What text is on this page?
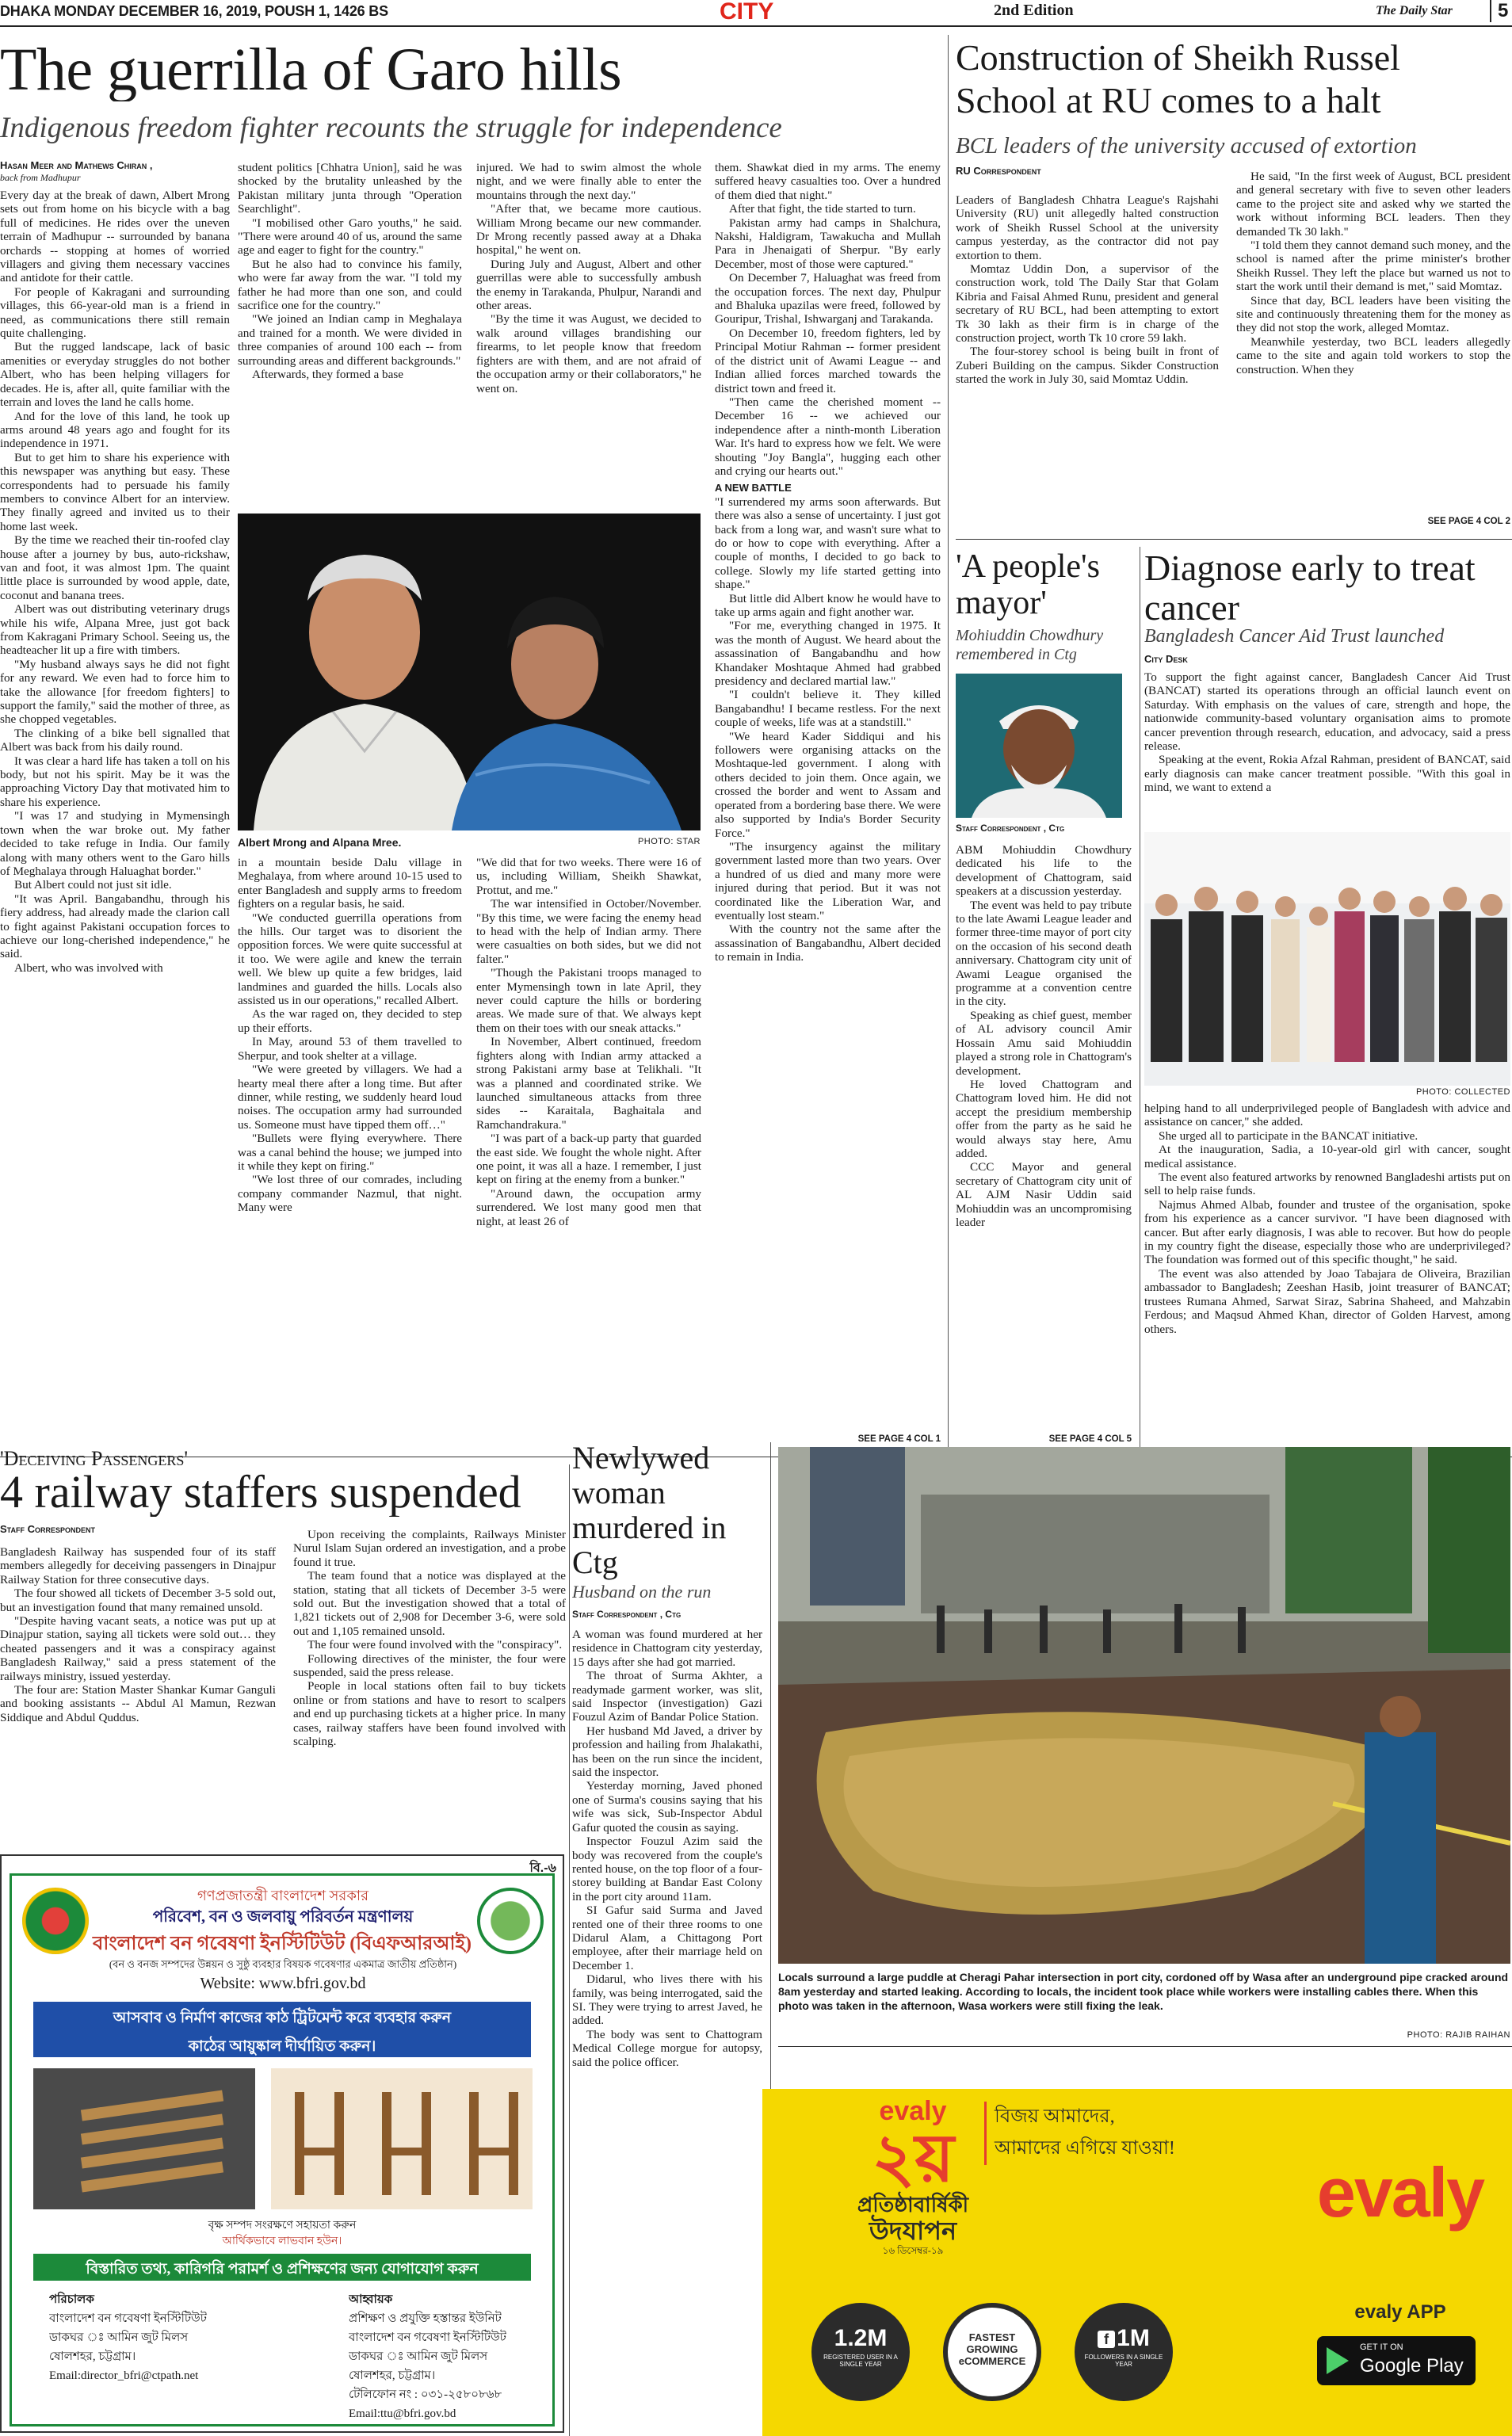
DHAKA MONDAY DECEMBER 16, 2019, POUSH 1, 1426 BS	CITY	2nd Edition	The Daily Star	5
The guerrilla of Garo hills
Indigenous freedom fighter recounts the struggle for independence
Hasan Meer and Mathews Chiran ,
back from Madhupur

Every day at the break of dawn, Albert Mrong sets out from home on his bicycle with a bag full of medicines. He rides over the uneven terrain of Madhupur -- surrounded by banana orchards -- stopping at homes of worried villagers and giving them necessary vaccines and antidote for their cattle.

For people of Kakragani and surrounding villages, this 66-year-old man is a friend in need, as communications there still remain quite challenging.

But the rugged landscape, lack of basic amenities or everyday struggles do not bother Albert, who has been helping villagers for decades. He is, after all, quite familiar with the terrain and loves the land he calls home.

And for the love of this land, he took up arms around 48 years ago and fought for its independence in 1971.

But to get him to share his experience with this newspaper was anything but easy. These correspondents had to persuade his family members to convince Albert for an interview. They finally agreed and invited us to their home last week.

By the time we reached their tin-roofed clay house after a journey by bus, auto-rickshaw, van and foot, it was almost 1pm. The quaint little place is surrounded by wood apple, date, coconut and banana trees.

Albert was out distributing veterinary drugs while his wife, Alpana Mree, just got back from Kakragani Primary School. Seeing us, the headteacher lit up a fire with timbers.

"My husband always says he did not fight for any reward. We even had to force him to take the allowance [for freedom fighters] to support the family," said the mother of three, as she chopped vegetables.

The clinking of a bike bell signalled that Albert was back from his daily round.

It was clear a hard life has taken a toll on his body, but not his spirit. May be it was the approaching Victory Day that motivated him to share his experience.

"I was 17 and studying in Mymensingh town when the war broke out. My father decided to take refuge in India. Our family along with many others went to the Garo hills of Meghalaya through Haluaghat border."

But Albert could not just sit idle.

"It was April. Bangabandhu, through his fiery address, had already made the clarion call to fight against Pakistani occupation forces to achieve our long-cherished independence," he said.

Albert, who was involved with

student politics [Chhatra Union], said he was shocked by the brutality unleashed by the Pakistan military junta through "Operation Searchlight".

"I mobilised other Garo youths," he said. "There were around 40 of us, around the same age and eager to fight for the country."

But he also had to convince his family, who were far away from the war. "I told my father he had more than one son, and could sacrifice one for the country."

"We joined an Indian camp in Meghalaya and trained for a month. We were divided in three companies of around 100 each -- from surrounding areas and different backgrounds."

Afterwards, they formed a base

injured. We had to swim almost the whole night, and we were finally able to enter the mountains through the next day."

"After that, we became more cautious. William Mrong became our new commander. Dr Mrong recently passed away at a Dhaka hospital," he went on.

During July and August, Albert and other guerrillas were able to successfully ambush the enemy in Tarakanda, Phulpur, Narandi and other areas.

"By the time it was August, we decided to walk around villages brandishing our firearms, to let people know that freedom fighters are with them, and are not afraid of the occupation army or their collaborators," he went on.

them. Shawkat died in my arms. The enemy suffered heavy casualties too. Over a hundred of them died that night."

After that fight, the tide started to turn.

Pakistan army had camps in Shalchura, Nakshi, Haldigram, Tawakucha and Mullah Para in Jhenaigati of Sherpur. "By early December, most of those were captured."

On December 7, Haluaghat was freed from the occupation forces. The next day, Phulpur and Bhaluka upazilas were freed, followed by Gouripur, Trishal, Ishwarganj and Tarakanda.

On December 10, freedom fighters, led by Principal Motiur Rahman -- former president of the district unit of Awami League -- and Indian allied forces marched towards the district town and freed it.

"Then came the cherished moment -- December 16 -- we achieved our independence after a ninth-month Liberation War. It's hard to express how we felt. We were shouting "Joy Bangla", hugging each other and crying our hearts out."

A NEW BATTLE

"I surrendered my arms soon afterwards. But there was also a sense of uncertainty. I just got back from a long war, and wasn't sure what to do or how to cope with everything. After a couple of months, I decided to go back to college. Slowly my life started getting into shape."

But little did Albert know he would have to take up arms again and fight another war.

"For me, everything changed in 1975. It was the month of August. We heard about the assassination of Bangabandhu and how Khandaker Moshtaque Ahmed had grabbed presidency and declared martial law."

"I couldn't believe it. They killed Bangabandhu! I became restless. For the next couple of weeks, life was at a standstill."

"We heard Kader Siddiqui and his followers were organising attacks on the Moshtaque-led government. I along with others decided to join them. Once again, we crossed the border and went to Assam and operated from a bordering base there. We were also supported by India's Border Security Force."

"The insurgency against the military government lasted more than two years. Over a hundred of us died and many more were injured during that period. But it was not coordinated like the Liberation War, and eventually lost steam."

With the country not the same after the assassination of Bangabandhu, Albert decided to remain in India.

Albert Mrong and Alpana Mree.	PHOTO: STAR

in a mountain beside Dalu village in Meghalaya, from where around 10-15 used to enter Bangladesh and supply arms to freedom fighters on a regular basis, he said.

"We conducted guerrilla operations from the hills. Our target was to disorient the opposition forces. We were quite successful at it too. We were agile and knew the terrain well. We blew up quite a few bridges, laid landmines and guarded the hills. Locals also assisted us in our operations," recalled Albert.

As the war raged on, they decided to step up their efforts.

In May, around 53 of them travelled to Sherpur, and took shelter at a village.

"We were greeted by villagers. We had a hearty meal there after a long time. But after dinner, while resting, we suddenly heard loud noises. The occupation army had surrounded us. Someone must have tipped them off…"

"Bullets were flying everywhere. There was a canal behind the house; we jumped into it while they kept on firing."

"We lost three of our comrades, including company commander Nazmul, that night. Many were

"We did that for two weeks. There were 16 of us, including William, Sheikh Shawkat, Prottut, and me."

The war intensified in October/November. "By this time, we were facing the enemy head to head with the help of Indian army. There were casualties on both sides, but we did not falter."

"Though the Pakistani troops managed to enter Mymensingh town in late April, they never could capture the hills or bordering areas. We made sure of that. We always kept them on their toes with our sneak attacks."

In November, Albert continued, freedom fighters along with Indian army attacked a strong Pakistani army base at Telikhali. "It was a planned and coordinated strike. We launched simultaneous attacks from three sides -- Karaitala, Baghaitala and Ramchandrakura."

"I was part of a back-up party that guarded the east side. We fought the whole night. After one point, it was all a haze. I remember, I just kept on firing at the enemy from a bunker."

"Around dawn, the occupation army surrendered. We lost many good men that night, at least 26 of

SEE PAGE 4 COL 1
Construction of Sheikh Russel School at RU comes to a halt
BCL leaders of the university accused of extortion
RU Correspondent

Leaders of Bangladesh Chhatra League's Rajshahi University (RU) unit allegedly halted construction work of Sheikh Russel School at the university campus yesterday, as the contractor did not pay extortion to them.

Momtaz Uddin Don, a supervisor of the construction work, told The Daily Star that Golam Kibria and Faisal Ahmed Runu, president and general secretary of RU BCL, had been attempting to extort Tk 30 lakh as their firm is in charge of the construction project, worth Tk 10 crore 59 lakh.

The four-storey school is being built in front of Zuberi Building on the campus. Sikder Construction started the work in July 30, said Momtaz Uddin.

He said, "In the first week of August, BCL president and general secretary with five to seven other leaders came to the project site and asked why we started the work without informing BCL leaders. Then they demanded Tk 30 lakh."

"I told them they cannot demand such money, and the school is named after the prime minister's brother Sheikh Russel. They left the place but warned us not to start the work until their demand is met," said Momtaz.

Since that day, BCL leaders have been visiting the site and continuously threatening them for the money as they did not stop the work, alleged Momtaz.

Meanwhile yesterday, two BCL leaders allegedly came to the site and again told workers to stop the construction. When they

SEE PAGE 4 COL 2
'A people's mayor'
Mohiuddin Chowdhury remembered in Ctg
Staff Correspondent , Ctg

ABM Mohiuddin Chowdhury dedicated his life to the development of Chattogram, said speakers at a discussion yesterday.

The event was held to pay tribute to the late Awami League leader and former three-time mayor of port city on the occasion of his second death anniversary. Chattogram city unit of Awami League organised the programme at a convention centre in the city.

Speaking as chief guest, member of AL advisory council Amir Hossain Amu said Mohiuddin played a strong role in Chattogram's development.

He loved Chattogram and Chattogram loved him. He did not accept the presidium membership offer from the party as he said he would always stay here, Amu added.

CCC Mayor and general secretary of Chattogram city unit of AL AJM Nasir Uddin said Mohiuddin was an uncompromising leader

SEE PAGE 4 COL 5
Diagnose early to treat cancer
Bangladesh Cancer Aid Trust launched
City Desk

To support the fight against cancer, Bangladesh Cancer Aid Trust (BANCAT) started its operations through an official launch event on Saturday. With emphasis on the values of care, strength and hope, the nationwide community-based voluntary organisation aims to promote cancer prevention through research, education, and advocacy, said a press release.

Speaking at the event, Rokia Afzal Rahman, president of BANCAT, said early diagnosis can make cancer treatment possible. "With this goal in mind, we want to extend a

PHOTO: COLLECTED

helping hand to all underprivileged people of Bangladesh with advice and assistance on cancer," she added.

She urged all to participate in the BANCAT initiative.

At the inauguration, Sadia, a 10-year-old girl with cancer, sought medical assistance.

The event also featured artworks by renowned Bangladeshi artists put on sell to help raise funds.

Najmus Ahmed Albab, founder and trustee of the organisation, spoke from his experience as a cancer survivor. "I have been diagnosed with cancer. But after early diagnosis, I was able to recover. But how do people in my country fight the disease, especially those who are underprivileged? The foundation was formed out of this specific thought," he said.

The event was also attended by Joao Tabajara de Oliveira, Brazilian ambassador to Bangladesh; Zeeshan Hasib, joint treasurer of BANCAT; trustees Rumana Ahmed, Sarwat Siraz, Sabrina Shaheed, and Mahzabin Ferdous; and Maqsud Ahmed Khan, director of Golden Harvest, among others.

'Deceiving Passengers'
4 railway staffers suspended
Staff Correspondent

Bangladesh Railway has suspended four of its staff members allegedly for deceiving passengers in Dinajpur Railway Station for three consecutive days.

The four showed all tickets of December 3-5 sold out, but an investigation found that many remained unsold.

"Despite having vacant seats, a notice was put up at Dinajpur station, saying all tickets were sold out… they cheated passengers and it was a conspiracy against Bangladesh Railway," said a press statement of the railways ministry, issued yesterday.

The four are: Station Master Shankar Kumar Ganguli and booking assistants -- Abdul Al Mamun, Rezwan Siddique and Abdul Quddus.

Upon receiving the complaints, Railways Minister Nurul Islam Sujan ordered an investigation, and a probe found it true.

The team found that a notice was displayed at the station, stating that all tickets of December 3-5 were sold out. But the investigation showed that a total of 1,821 tickets out of 2,908 for December 3-6, were sold out and 1,105 remained unsold.

The four were found involved with the "conspiracy".

Following directives of the minister, the four were suspended, said the press release.

People in local stations often fail to buy tickets online or from stations and have to resort to scalpers and end up purchasing tickets at a higher price. In many cases, railway staffers have been found involved with scalping.

বি.-৬
গণপ্রজাতন্ত্রী বাংলাদেশ সরকার
পরিবেশ, বন ও জলবায়ু পরিবর্তন মন্ত্রণালয়
বাংলাদেশ বন গবেষণা ইনস্টিটিউট (বিএফআরআই)
(বন ও বনজ সম্পদের উন্নয়ন ও সুষ্ঠু ব্যবহার বিষয়ক গবেষণার একমাত্র জাতীয় প্রতিষ্ঠান)
Website: www.bfri.gov.bd
আসবাব ও নির্মাণ কাজের কাঠ ট্রিটমেন্ট করে ব্যবহার করুন
কাঠের আয়ুষ্কাল দীর্ঘায়িত করুন।
বৃক্ষ সম্পদ সংরক্ষণে সহায়তা করুন
আর্থিকভাবে লাভবান হউন।
বিস্তারিত তথ্য, কারিগরি পরামর্শ ও প্রশিক্ষণের জন্য যোগাযোগ করুন
পরিচালক
বাংলাদেশ বন গবেষণা ইনস্টিটিউট
ডাকঘর ঃ আমিন জুট মিলস
ষোলশহর, চট্টগ্রাম।
Email:director_bfri@ctpath.net
আহ্বায়ক
প্রশিক্ষণ ও প্রযুক্তি হস্তান্তর ইউনিট
বাংলাদেশ বন গবেষণা ইনস্টিটিউট
ডাকঘর ঃ আমিন জুট মিলস
ষোলশহর, চট্টগ্রাম।
টেলিফোন নং : ০৩১-২৫৮০৮৬৮
Email:ttu@bfri.gov.bd
Newlywed woman murdered in Ctg
Husband on the run
Staff Correspondent , Ctg

A woman was found murdered at her residence in Chattogram city yesterday, 15 days after she had got married.

The throat of Surma Akhter, a readymade garment worker, was slit, said Inspector (investigation) Gazi Fouzul Azim of Bandar Police Station.

Her husband Md Javed, a driver by profession and hailing from Jhalakathi, has been on the run since the incident, said the inspector.

Yesterday morning, Javed phoned one of Surma's cousins saying that his wife was sick, Sub-Inspector Abdul Gafur quoted the cousin as saying.

Inspector Fouzul Azim said the body was recovered from the couple's rented house, on the top floor of a four-storey building at Bandar East Colony in the port city around 11am.

SI Gafur said Surma and Javed rented one of their three rooms to one Didarul Alam, a Chittagong Port employee, after their marriage held on December 1.

Didarul, who lives there with his family, was being interrogated, said the SI. They were trying to arrest Javed, he added.

The body was sent to Chattogram Medical College morgue for autopsy, said the police officer.

Locals surround a large puddle at Cheragi Pahar intersection in port city, cordoned off by Wasa after an underground pipe cracked around 8am yesterday and started leaking. According to locals, the incident took place while workers were installing cables there. When this photo was taken in the afternoon, Wasa workers were still fixing the leak.
PHOTO: RAJIB RAIHAN
evaly
২য়
প্রতিষ্ঠাবার্ষিকী
উদযাপন
১৬ ডিসেম্বর-১৯
বিজয় আমাদের,
আমাদের এগিয়ে যাওয়া!
1.2M
REGISTERED USER IN A SINGLE YEAR
FASTEST
GROWING
eCOMMERCE
f 1M
FOLLOWERS IN A SINGLE YEAR
evaly
evaly APP
GET IT ON
Google Play
